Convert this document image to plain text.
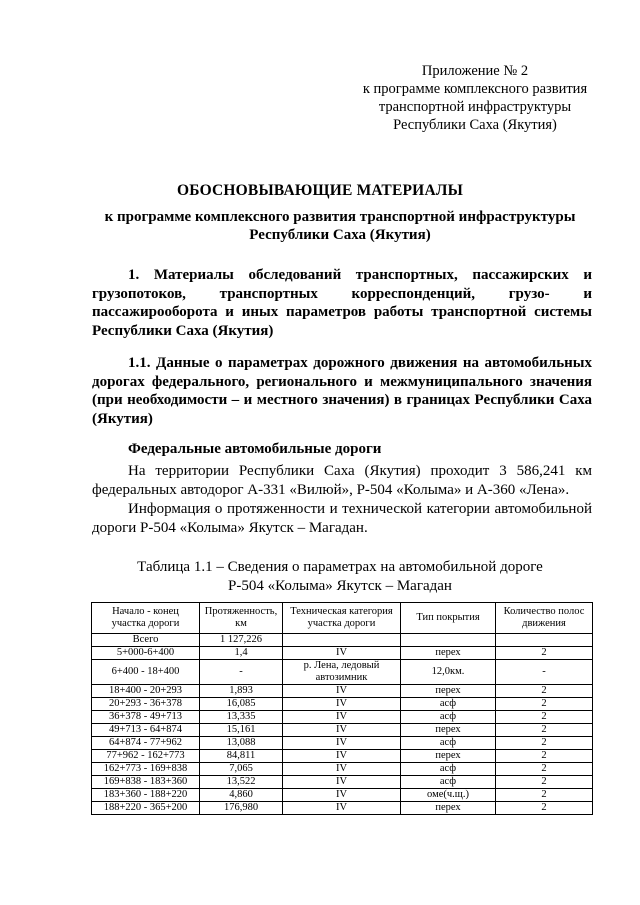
Приложение № 2
к программе комплексного развития
транспортной инфраструктуры
Республики Саха (Якутия)
ОБОСНОВЫВАЮЩИЕ МАТЕРИАЛЫ
к программе комплексного развития транспортной инфраструктуры Республики Саха (Якутия)
1. Материалы обследований транспортных, пассажирских и грузопотоков, транспортных корреспонденций, грузо- и пассажирооборота и иных параметров работы транспортной системы Республики Саха (Якутия)
1.1. Данные о параметрах дорожного движения на автомобильных дорогах федерального, регионального и межмуниципального значения (при необходимости – и местного значения) в границах Республики Саха (Якутия)
Федеральные автомобильные дороги
На территории Республики Саха (Якутия) проходит 3 586,241 км федеральных автодорог А-331 «Вилюй», Р-504 «Колыма» и А-360 «Лена».
Информация о протяженности и технической категории автомобильной дороги Р-504 «Колыма» Якутск – Магадан.
Таблица 1.1 – Сведения о параметрах на автомобильной дороге
Р-504 «Колыма» Якутск – Магадан
Начало - конец участка дороги	Протяженность, км	Техническая категория участка дороги	Тип покрытия	Количество полос движения
Всего	1 127,226			
5+000-6+400	1,4	IV	перех	2
6+400 - 18+400	-	р. Лена, ледовый автозимник	12,0км.	-
18+400 - 20+293	1,893	IV	перех	2
20+293 - 36+378	16,085	IV	асф	2
36+378 - 49+713	13,335	IV	асф	2
49+713 - 64+874	15,161	IV	перех	2
64+874 - 77+962	13,088	IV	асф	2
77+962 - 162+773	84,811	IV	перех	2
162+773 - 169+838	7,065	IV	асф	2
169+838 - 183+360	13,522	IV	асф	2
183+360 - 188+220	4,860	IV	оме(ч.щ.)	2
188+220 - 365+200	176,980	IV	перех	2
